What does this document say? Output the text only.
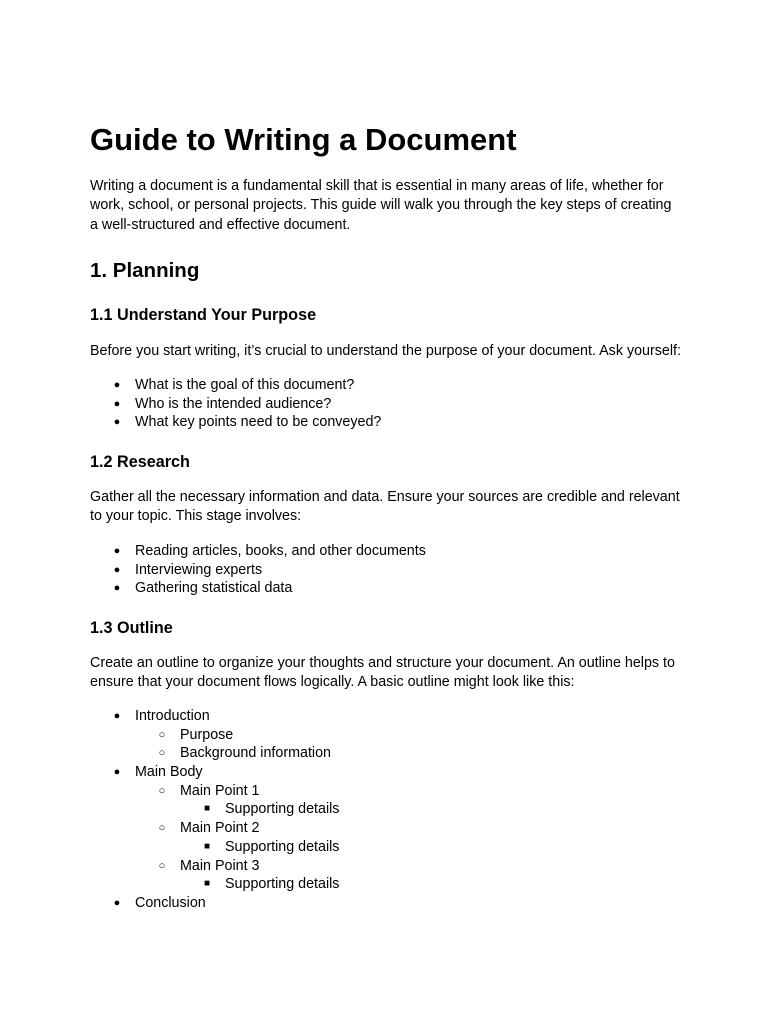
Guide to Writing a Document

Writing a document is a fundamental skill that is essential in many areas of life, whether for work, school, or personal projects. This guide will walk you through the key steps of creating a well-structured and effective document.

1. Planning
1.1 Understand Your Purpose

Before you start writing, it’s crucial to understand the purpose of your document. Ask yourself:

● What is the goal of this document?
● Who is the intended audience?
● What key points need to be conveyed?
1.2 Research

Gather all the necessary information and data. Ensure your sources are credible and relevant to your topic. This stage involves:

● Reading articles, books, and other documents
● Interviewing experts
● Gathering statistical data
1.3 Outline

Create an outline to organize your thoughts and structure your document. An outline helps to ensure that your document flows logically. A basic outline might look like this:

● Introduction
○ Purpose
○ Background information
● Main Body
○ Main Point 1
■ Supporting details
○ Main Point 2
■ Supporting details
○ Main Point 3
■ Supporting details
● Conclusion
